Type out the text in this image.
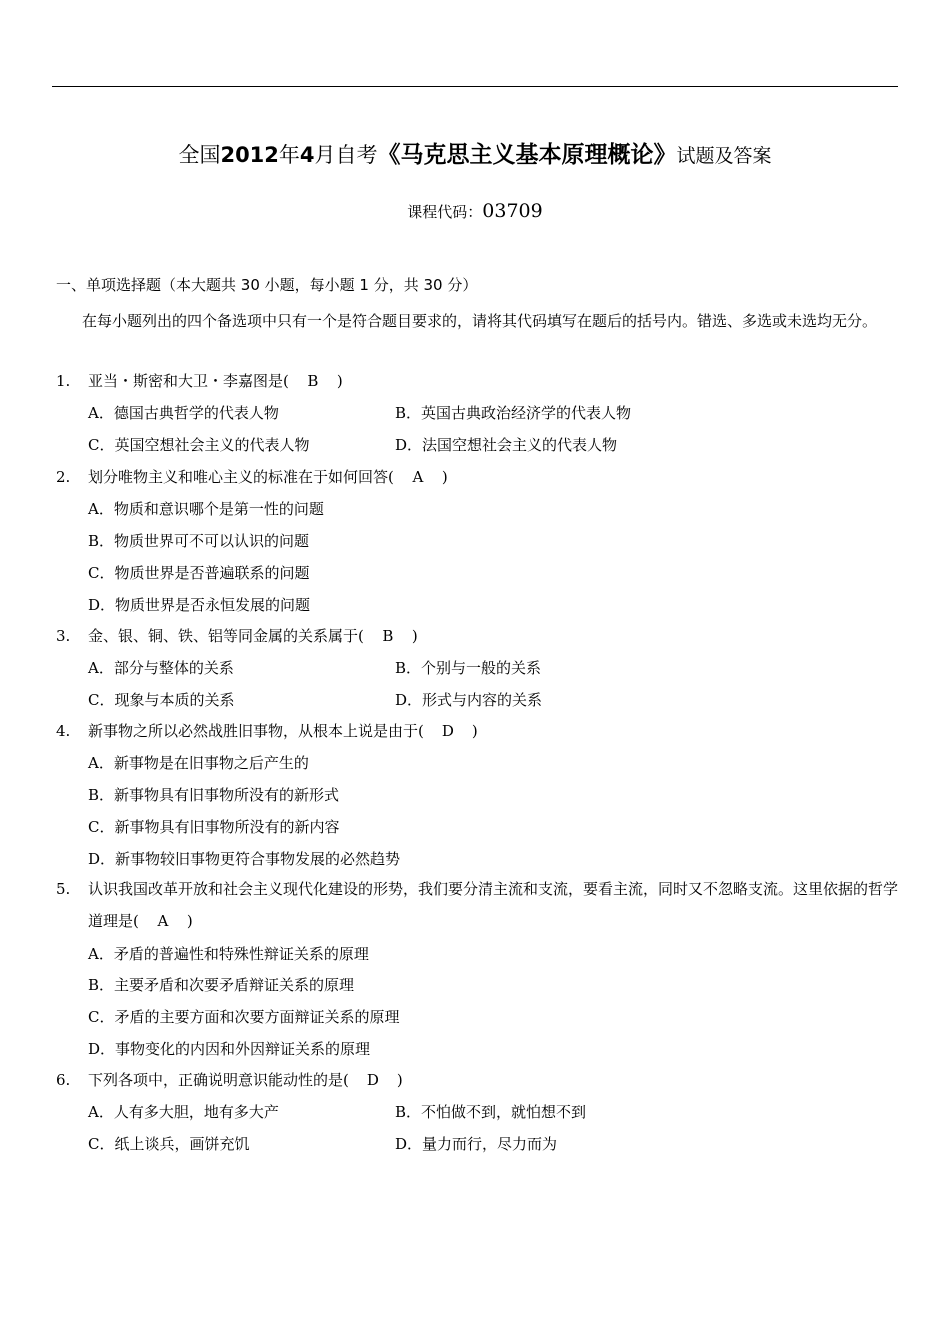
全国2012年4月自考《马克思主义基本原理概论》试题及答案
课程代码：03709
一、单项选择题（本大题共 30 小题，每小题 1 分，共 30 分）
在每小题列出的四个备选项中只有一个是符合题目要求的，请将其代码填写在题后的括号内。错选、多选或未选均无分。
1. 亚当・斯密和大卫・李嘉图是( B )
A．德国古典哲学的代表人物	B．英国古典政治经济学的代表人物
C．英国空想社会主义的代表人物	D．法国空想社会主义的代表人物
2. 划分唯物主义和唯心主义的标准在于如何回答( A )
A．物质和意识哪个是第一性的问题
B．物质世界可不可以认识的问题
C．物质世界是否普遍联系的问题
D．物质世界是否永恒发展的问题
3. 金、银、铜、铁、铝等同金属的关系属于( B )
A．部分与整体的关系	B．个别与一般的关系
C．现象与本质的关系	D．形式与内容的关系
4. 新事物之所以必然战胜旧事物，从根本上说是由于( D )
A．新事物是在旧事物之后产生的
B．新事物具有旧事物所没有的新形式
C．新事物具有旧事物所没有的新内容
D．新事物较旧事物更符合事物发展的必然趋势
5. 认识我国改革开放和社会主义现代化建设的形势，我们要分清主流和支流，要看主流，同时又不忽略支流。这里依据的哲学道理是( A )
A．矛盾的普遍性和特殊性辩证关系的原理
B．主要矛盾和次要矛盾辩证关系的原理
C．矛盾的主要方面和次要方面辩证关系的原理
D．事物变化的内因和外因辩证关系的原理
6. 下列各项中，正确说明意识能动性的是( D )
A．人有多大胆，地有多大产	B．不怕做不到，就怕想不到
C．纸上谈兵，画饼充饥	D．量力而行，尽力而为
